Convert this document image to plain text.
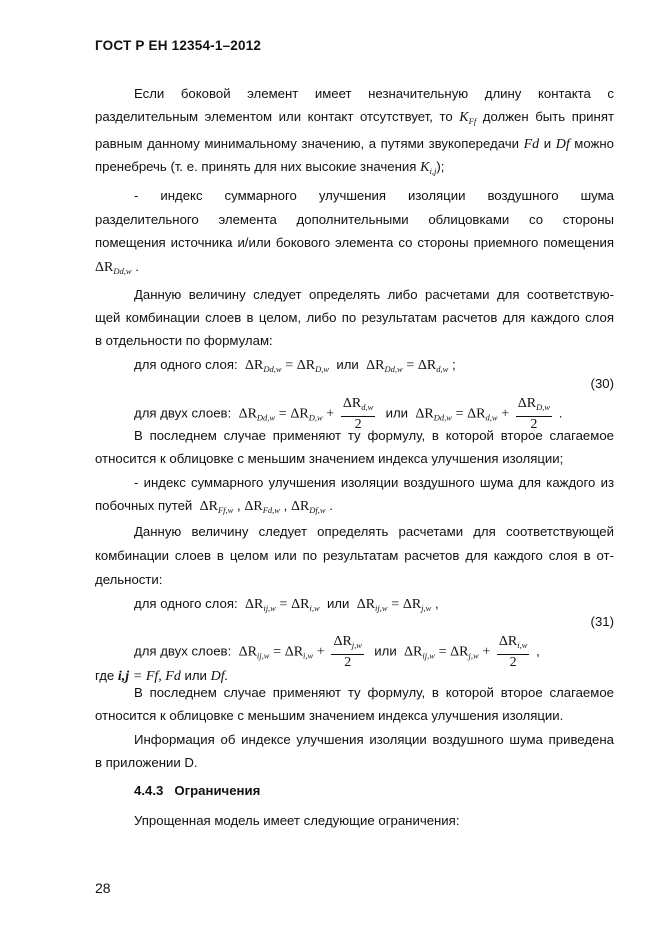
ГОСТ Р ЕН 12354-1–2012
Если боковой элемент имеет незначительную длину контакта с
разделительным элементом или контакт отсутствует, то $K_{Ff}$ должен быть принят
равным данному минимальному значению, а путями звукопередачи Fd и Df можно
пренебречь (т. е. принять для них высокие значения $K_{i,j}$);
- индекс суммарного улучшения изоляции воздушного шума
разделительного элемента дополнительными облицовками со стороны
помещения источника и/или бокового элемента со стороны приемного помещения
$\Delta R_{Dd,w}$ .
Данную величину следует определять либо расчетами для соответствую-
щей комбинации слоев в целом, либо по результатам расчетов для каждого слоя
в отдельности по формулам:
для одного слоя: $\Delta R_{Dd,w} = \Delta R_{D,w}$ или $\Delta R_{Dd,w} = \Delta R_{d,w}$ ;
(30)
для двух слоев: $\Delta R_{Dd,w} = \Delta R_{D,w} + \frac{\Delta R_{d,w}}{2}$ или $\Delta R_{Dd,w} = \Delta R_{d,w} + \frac{\Delta R_{D,w}}{2}$ .
В последнем случае применяют ту формулу, в которой второе слагаемое
относится к облицовке с меньшим значением индекса улучшения изоляции;
- индекс суммарного улучшения изоляции воздушного шума для каждого из
побочных путей $\Delta R_{Ff,w}$ , $\Delta R_{Fd,w}$ , $\Delta R_{Df,w}$ .
Данную величину следует определять расчетами для соответствующей
комбинации слоев в целом или по результатам расчетов для каждого слоя в от-
дельности:
для одного слоя: $\Delta R_{ij,w} = \Delta R_{i,w}$ или $\Delta R_{ij,w} = \Delta R_{j,w}$ ,
(31)
для двух слоев: $\Delta R_{ij,w} = \Delta R_{i,w} + \frac{\Delta R_{j,w}}{2}$ или $\Delta R_{ij,w} = \Delta R_{j,w} + \frac{\Delta R_{i,w}}{2}$ ,
где i,j = Ff, Fd или Df.
В последнем случае применяют ту формулу, в которой второе слагаемое
относится к облицовке с меньшим значением индекса улучшения изоляции.
Информация об индексе улучшения изоляции воздушного шума приведена
в приложении D.
4.4.3 Ограничения
Упрощенная модель имеет следующие ограничения:
28
